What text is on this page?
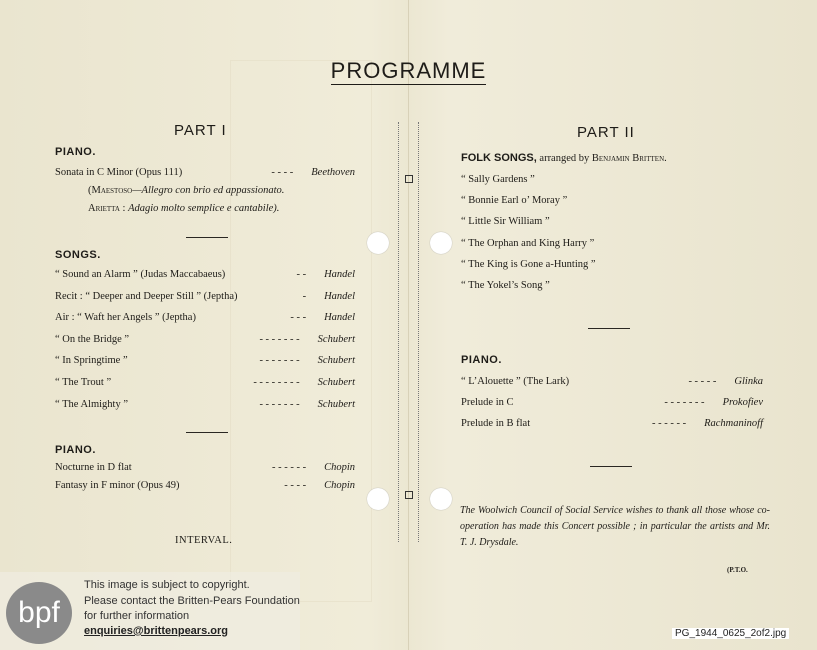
PROGRAMME
PART I
PIANO.
Sonata in C Minor (Opus 111)	- - - - Beethoven
(Maestoso—Allegro con brio ed appassionato.
Arietta : Adagio molto semplice e cantabile).
SONGS.
“ Sound an Alarm ” (Judas Maccabaeus)	- - Handel
Recit : “ Deeper and Deeper Still ” (Jeptha)	- Handel
Air : “ Waft her Angels ” (Jeptha)	- - - Handel
“ On the Bridge ”	- - - - - - - Schubert
“ In Springtime ”	- - - - - - - Schubert
“ The Trout ”	- - - - - - - - Schubert
“ The Almighty ”	- - - - - - - Schubert
PIANO.
Nocturne in D flat	- - - - - - Chopin
Fantasy in F minor (Opus 49)	- - - - Chopin
INTERVAL.
PART II
FOLK SONGS, arranged by Benjamin Britten.
“ Sally Gardens ”
“ Bonnie Earl o’ Moray ”
“ Little Sir William ”
“ The Orphan and King Harry ”
“ The King is Gone a-Hunting ”
“ The Yokel’s Song ”
PIANO.
“ L’Alouette ” (The Lark)	- - - - - Glinka
Prelude in C	- - - - - - - Prokofiev
Prelude in B flat	- - - - - - Rachmaninoff
The Woolwich Council of Social Service wishes to thank all those whose co-operation has made this Concert possible ; in particular the artists and Mr. T. J. Drysdale.
(P.T.O.
bpf
This image is subject to copyright.
Please contact the Britten-Pears Foundation
for further information
enquiries@brittenpears.org	PG_1944_0625_2of2.jpg
